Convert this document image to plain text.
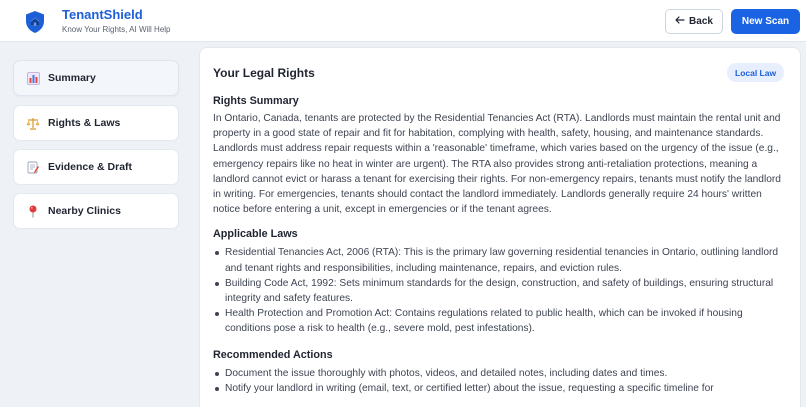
TenantShield
Know Your Rights, AI Will Help
Back	New Scan
Summary
Rights & Laws
Evidence & Draft
Nearby Clinics
Your Legal Rights	Local Law
Rights Summary
In Ontario, Canada, tenants are protected by the Residential Tenancies Act (RTA). Landlords must maintain the rental unit and property in a good state of repair and fit for habitation, complying with health, safety, housing, and maintenance standards. Landlords must address repair requests within a 'reasonable' timeframe, which varies based on the urgency of the issue (e.g., emergency repairs like no heat in winter are urgent). The RTA also provides strong anti-retaliation protections, meaning a landlord cannot evict or harass a tenant for exercising their rights. For non-emergency repairs, tenants must notify the landlord in writing. For emergencies, tenants should contact the landlord immediately. Landlords generally require 24 hours' written notice before entering a unit, except in emergencies or if the tenant agrees.
Applicable Laws
Residential Tenancies Act, 2006 (RTA): This is the primary law governing residential tenancies in Ontario, outlining landlord and tenant rights and responsibilities, including maintenance, repairs, and eviction rules.
Building Code Act, 1992: Sets minimum standards for the design, construction, and safety of buildings, ensuring structural integrity and safety features.
Health Protection and Promotion Act: Contains regulations related to public health, which can be invoked if housing conditions pose a risk to health (e.g., severe mold, pest infestations).
Recommended Actions
Document the issue thoroughly with photos, videos, and detailed notes, including dates and times.
Notify your landlord in writing (email, text, or certified letter) about the issue, requesting a specific timeline for
